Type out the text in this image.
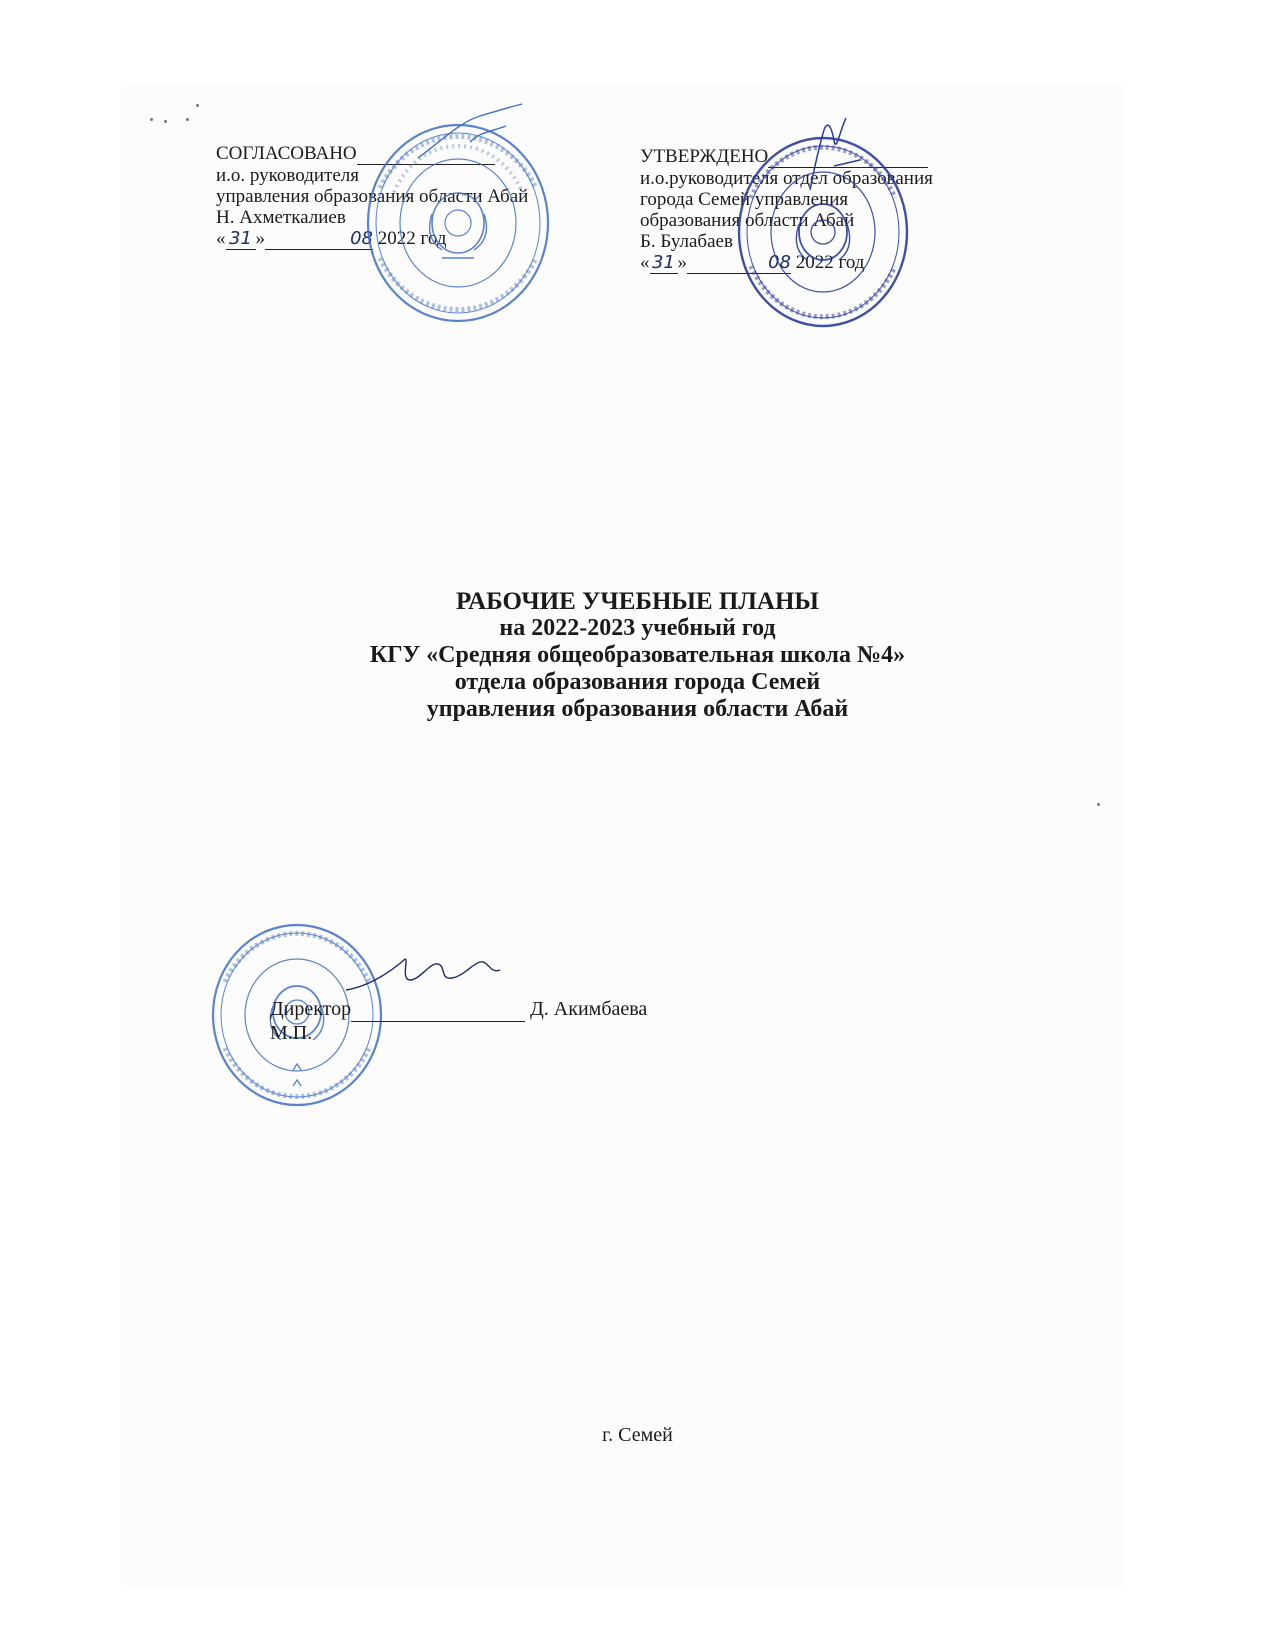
СОГЛАСОВАНО
и.о. руководителя
управления образования области Абай
Н. Ахметкалиев
« 31 »	08 2022 год
УТВЕРЖДЕНО
и.о.руководителя отдел образования
города Семей управления
образования области Абай
Б. Булабаев
« 31 »	08 2022 год
РАБОЧИЕ УЧЕБНЫЕ ПЛАНЫ
на 2022-2023 учебный год
КГУ «Средняя общеобразовательная школа №4»
отдела образования города Семей
управления образования области Абай
Директор	Д. Акимбаева
М.П.
г. Семей
